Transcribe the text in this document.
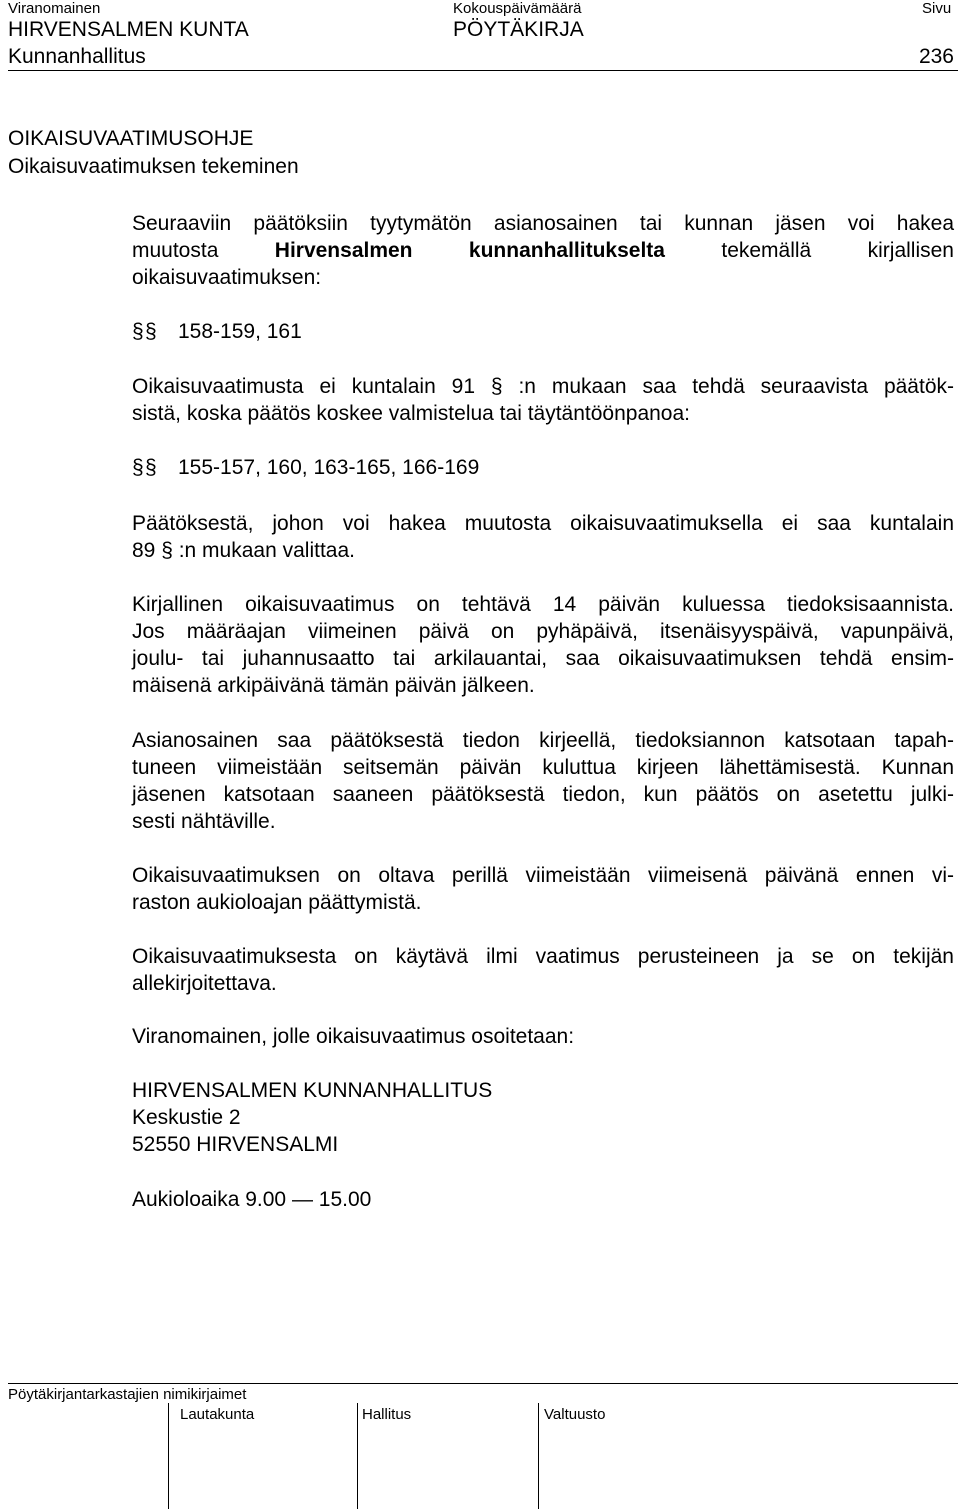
Viranomainen	Kokouspäivämäärä	Sivu
HIRVENSALMEN KUNTA	PÖYTÄKIRJA
Kunnanhallitus	236
OIKAISUVAATIMUSOHJE
Oikaisuvaatimuksen tekeminen
Seuraaviin päätöksiin tyytymätön asianosainen tai kunnan jäsen voi hakea
muutosta Hirvensalmen kunnanhallitukselta	tekemällä kirjallisen
oikaisuvaatimuksen:
§ § 158-159, 161
Oikaisuvaatimusta ei kuntalain 91 § :n mukaan saa tehdä seuraavista päätök-
sistä, koska päätös koskee valmistelua tai täytäntöönpanoa:
§ § 155-157, 160, 163-165, 166-169
Päätöksestä, johon voi hakea muutosta oikaisuvaatimuksella ei saa kuntalain
89 § :n mukaan valittaa.
Kirjallinen oikaisuvaatimus on tehtävä 14 päivän kuluessa tiedoksisaannista.
Jos määräajan viimeinen päivä on pyhäpäivä, itsenäisyyspäivä, vapunpäivä,
joulu- tai juhannusaatto tai arkilauantai, saa oikaisuvaatimuksen tehdä ensim-
mäisenä arkipäivänä tämän päivän jälkeen.
Asianosainen saa päätöksestä tiedon kirjeellä, tiedoksiannon katsotaan tapah-
tuneen viimeistään seitsemän päivän kuluttua kirjeen lähettämisestä. Kunnan
jäsenen katsotaan saaneen päätöksestä tiedon, kun päätös on asetettu julki-
sesti nähtäville.
Oikaisuvaatimuksen on oltava perillä viimeistään viimeisenä päivänä ennen vi-
raston aukioloajan päättymistä.
Oikaisuvaatimuksesta on käytävä ilmi vaatimus perusteineen ja se on tekijän
allekirjoitettava.
Viranomainen, jolle oikaisuvaatimus osoitetaan:
HIRVENSALMEN KUNNANHALLITUS
Keskustie 2
52550 HIRVENSALMI
Aukioloaika 9.00 — 15.00
Pöytäkirjantarkastajien nimikirjaimet
Lautakunta	Hallitus	Valtuusto
